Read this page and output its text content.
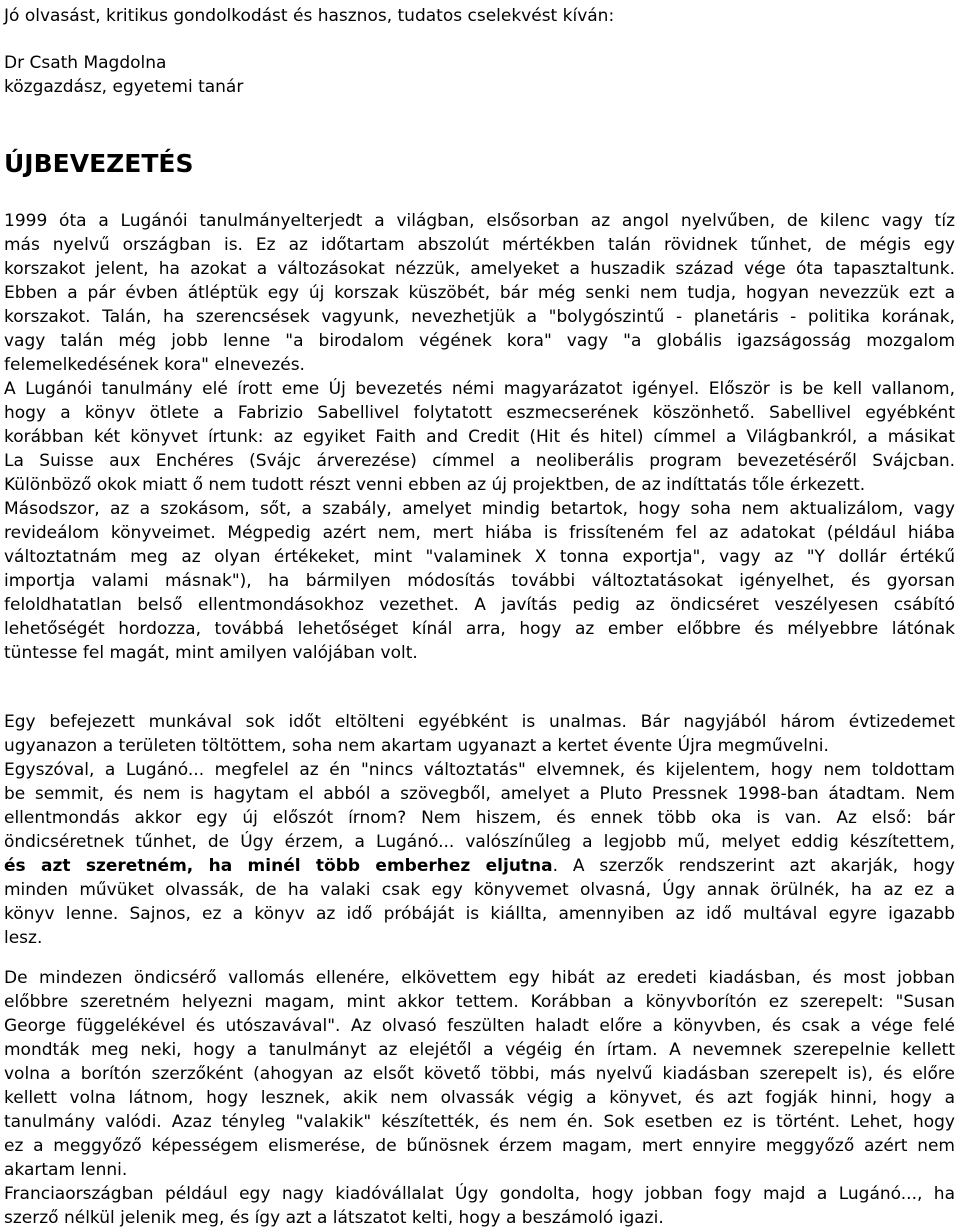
Jó olvasást, kritikus gondolkodást és hasznos, tudatos cselekvést kíván:
Dr Csath Magdolna
közgazdász, egyetemi tanár
ÚJBEVEZETÉS
1999 óta a Lugánói tanulmányelterjedt a világban, elsősorban az angol nyelvűben, de kilenc vagy tíz
más nyelvű országban is. Ez az időtartam abszolút mértékben talán rövidnek tűnhet, de mégis egy
korszakot jelent, ha azokat a változásokat nézzük, amelyeket a huszadik század vége óta tapasztaltunk.
Ebben a pár évben átléptük egy új korszak küszöbét, bár még senki nem tudja, hogyan nevezzük ezt a
korszakot. Talán, ha szerencsések vagyunk, nevezhetjük a "bolygószintű - planetáris - politika korának,
vagy talán még jobb lenne "a birodalom végének kora" vagy "a globális igazságosság mozgalom
felemelkedésének kora" elnevezés.
A Lugánói tanulmány elé írott eme Új bevezetés némi magyarázatot igényel. Először is be kell vallanom,
hogy a könyv ötlete a Fabrizio Sabellivel folytatott eszmecserének köszönhető. Sabellivel egyébként
korábban két könyvet írtunk: az egyiket Faith and Credit (Hit és hitel) címmel a Világbankról, a másikat
La Suisse aux Enchéres (Svájc árverezése) címmel a neoliberális program bevezetéséről Svájcban.
Különböző okok miatt ő nem tudott részt venni ebben az új projektben, de az indíttatás tőle érkezett.
Másodszor, az a szokásom, sőt, a szabály, amelyet mindig betartok, hogy soha nem aktualizálom, vagy
revideálom könyveimet. Mégpedig azért nem, mert hiába is frissíteném fel az adatokat (például hiába
változtatnám meg az olyan értékeket, mint "valaminek X tonna exportja", vagy az "Y dollár értékű
importja valami másnak"), ha bármilyen módosítás további változtatásokat igényelhet, és gyorsan
feloldhatatlan belső ellentmondásokhoz vezethet. A javítás pedig az öndicséret veszélyesen csábító
lehetőségét hordozza, továbbá lehetőséget kínál arra, hogy az ember előbbre és mélyebbre látónak
tüntesse fel magát, mint amilyen valójában volt.
Egy befejezett munkával sok időt eltölteni egyébként is unalmas. Bár nagyjából három évtizedemet
ugyanazon a területen töltöttem, soha nem akartam ugyanazt a kertet évente Újra megművelni.
Egyszóval, a Lugánó... megfelel az én "nincs változtatás" elvemnek, és kijelentem, hogy nem toldottam
be semmit, és nem is hagytam el abból a szövegből, amelyet a Pluto Pressnek 1998-ban átadtam. Nem
ellentmondás akkor egy új előszót írnom? Nem hiszem, és ennek több oka is van. Az első: bár
öndicséretnek tűnhet, de Úgy érzem, a Lugánó... valószínűleg a legjobb mű, melyet eddig készítettem,
és azt szeretném, ha minél több emberhez eljutna. A szerzők rendszerint azt akarják, hogy
minden művüket olvassák, de ha valaki csak egy könyvemet olvasná, Úgy annak örülnék, ha az ez a
könyv lenne. Sajnos, ez a könyv az idő próbáját is kiállta, amennyiben az idő multával egyre igazabb
lesz.
De mindezen öndicsérő vallomás ellenére, elkövettem egy hibát az eredeti kiadásban, és most jobban
előbbre szeretném helyezni magam, mint akkor tettem. Korábban a könyvborítón ez szerepelt: "Susan
George függelékével és utószavával". Az olvasó feszülten haladt előre a könyvben, és csak a vége felé
mondták meg neki, hogy a tanulmányt az elejétől a végéig én írtam. A nevemnek szerepelnie kellett
volna a borítón szerzőként (ahogyan az elsőt követő többi, más nyelvű kiadásban szerepelt is), és előre
kellett volna látnom, hogy lesznek, akik nem olvassák végig a könyvet, és azt fogják hinni, hogy a
tanulmány valódi. Azaz tényleg "valakik" készítették, és nem én. Sok esetben ez is történt. Lehet, hogy
ez a meggyőző képességem elismerése, de bűnösnek érzem magam, mert ennyire meggyőző azért nem
akartam lenni.
Franciaországban például egy nagy kiadóvállalat Úgy gondolta, hogy jobban fogy majd a Lugánó..., ha
szerző nélkül jelenik meg, és így azt a látszatot kelti, hogy a beszámoló igazi.
